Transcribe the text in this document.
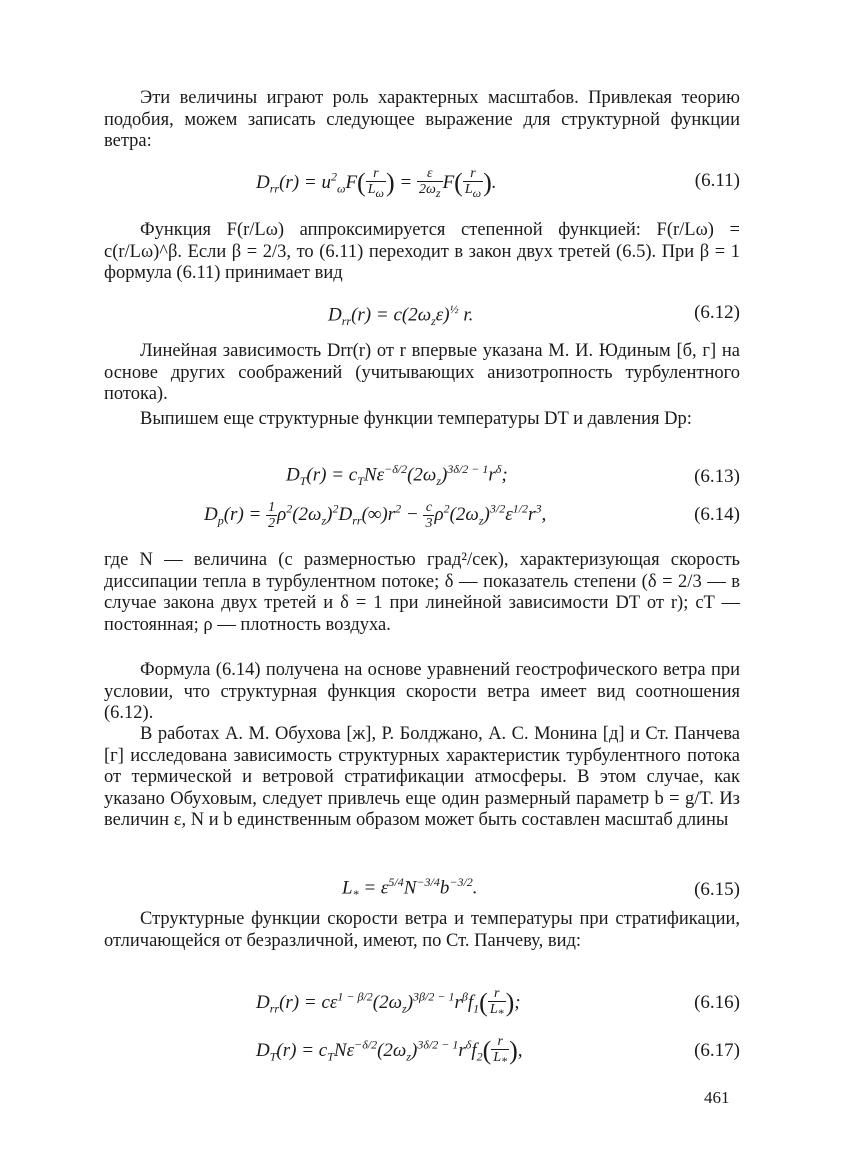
Эти величины играют роль характерных масштабов. Привлекая теорию подобия, можем записать следующее выражение для структурной функции ветра:

$D_{rr}(r) = u^2_\omega F( \frac{r}{L_\omega}$ ) = $\frac{\varepsilon}{2\omega_z} F( \frac{r}{L_\omega}$ ).	(6.11)

Функция F(r/Lω) аппроксимируется степенной функцией: F(r/Lω) = c(r/Lω)^β. Если β = 2/3, то (6.11) переходит в закон двух третей (6.5). При β = 1 формула (6.11) принимает вид

$D_{rr}(r) = c(2\omega_z\varepsilon)^{\frac{1}{2}}$ r.	(6.12)

Линейная зависимость Drr(r) от r впервые указана М. И. Юдиным [б, г] на основе других соображений (учитывающих анизотропность турбулентного потока).

Выпишем еще структурные функции температуры DT и давления Dp:

$D_T(r) = c_TN\varepsilon^{-\delta/2}(2\omega_z)^{3\delta/2 - 1}r^\delta$;	(6.13)
$D_p(r) = \frac{1}{2} \rho^2(2\omega_z)^2D_{rr}(\infty)r^2 - \frac{c}{3} \rho^2(2\omega_z)^{3/2}\varepsilon^{1/2}r^3$,	(6.14)

где N — величина (с размерностью град²/сек), характеризующая скорость диссипации тепла в турбулентном потоке; δ — показатель степени (δ = 2/3 — в случае закона двух третей и δ = 1 при линейной зависимости DT от r); cT — постоянная; ρ — плотность воздуха.

Формула (6.14) получена на основе уравнений геострофического ветра при условии, что структурная функция скорости ветра имеет вид соотношения (6.12).

В работах А. М. Обухова [ж], Р. Болджано, А. С. Монина [д] и Ст. Панчева [г] исследована зависимость структурных характеристик турбулентного потока от термической и ветровой стратификации атмосферы. В этом случае, как указано Обуховым, следует привлечь еще один размерный параметр b = g/T. Из величин ε, N и b единственным образом может быть составлен масштаб длины

$L_* = \varepsilon^{5/4}N^{-3/4}b^{-3/2}$.	(6.15)

Структурные функции скорости ветра и температуры при стратификации, отличающейся от безразличной, имеют, по Ст. Панчеву, вид:

$D_{rr}(r) = c\varepsilon^{1 - \beta/2}(2\omega_z)^{3\beta/2 - 1}r^\beta f_1( \frac{r}{L_*}$ );	(6.16)
$D_T(r) = c_TN\varepsilon^{-\delta/2}(2\omega_z)^{3\delta/2 - 1}r^\delta f_2( \frac{r}{L_*}$ ),	(6.17)
461
